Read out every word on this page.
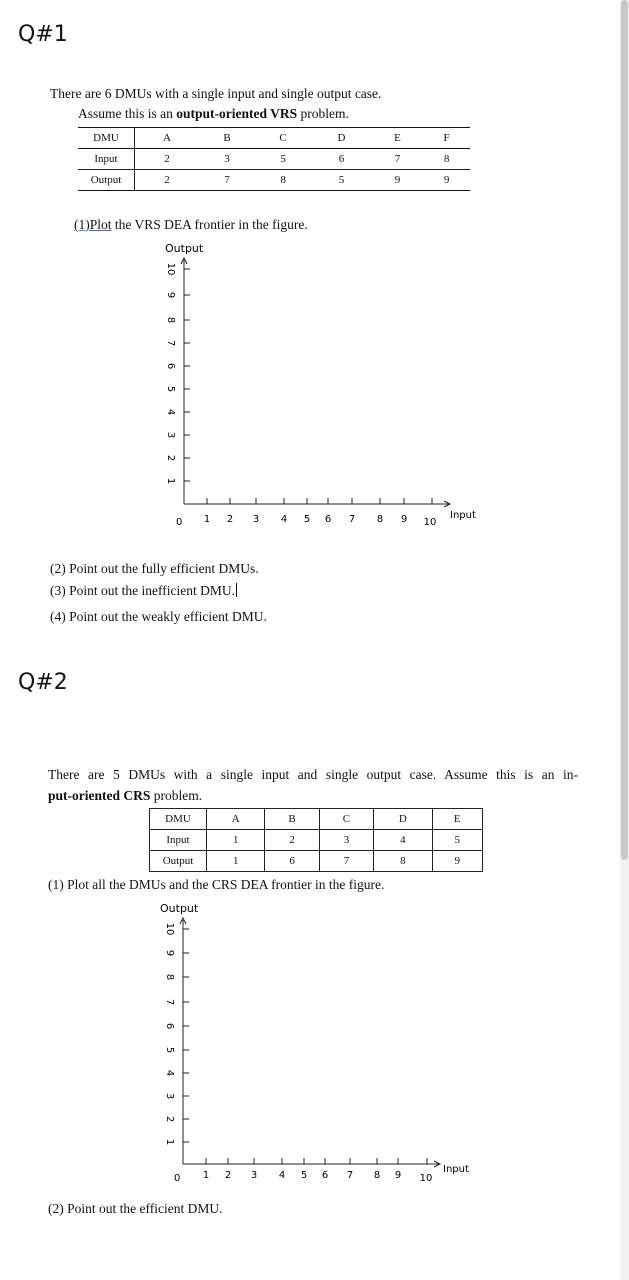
Q#1
There are 6 DMUs with a single input and single output case.
Assume this is an output-oriented VRS problem.
DMU	A	B	C	D	E	F
Input	2	3	5	6	7	8
Output	2	7	8	5	9	9
(1)Plot the VRS DEA frontier in the figure.
Output
Input
0
1
2
3
4
5
6
7
8
9
10
1 2 3 4 5 6 7 8 9 10
(2) Point out the fully efficient DMUs.
(3) Point out the inefficient DMU.
(4) Point out the weakly efficient DMU.
Q#2
There are 5 DMUs with a single input and single output case. Assume this is an in-
put-oriented CRS problem.
DMU	A	B	C	D	E
Input	1	2	3	4	5
Output	1	6	7	8	9
(1) Plot all the DMUs and the CRS DEA frontier in the figure.
Output
Input
0
1
2
3
4
5
6
7
8
9
10
1 2 3 4 5 6 7 8 9 10
(2) Point out the efficient DMU.
